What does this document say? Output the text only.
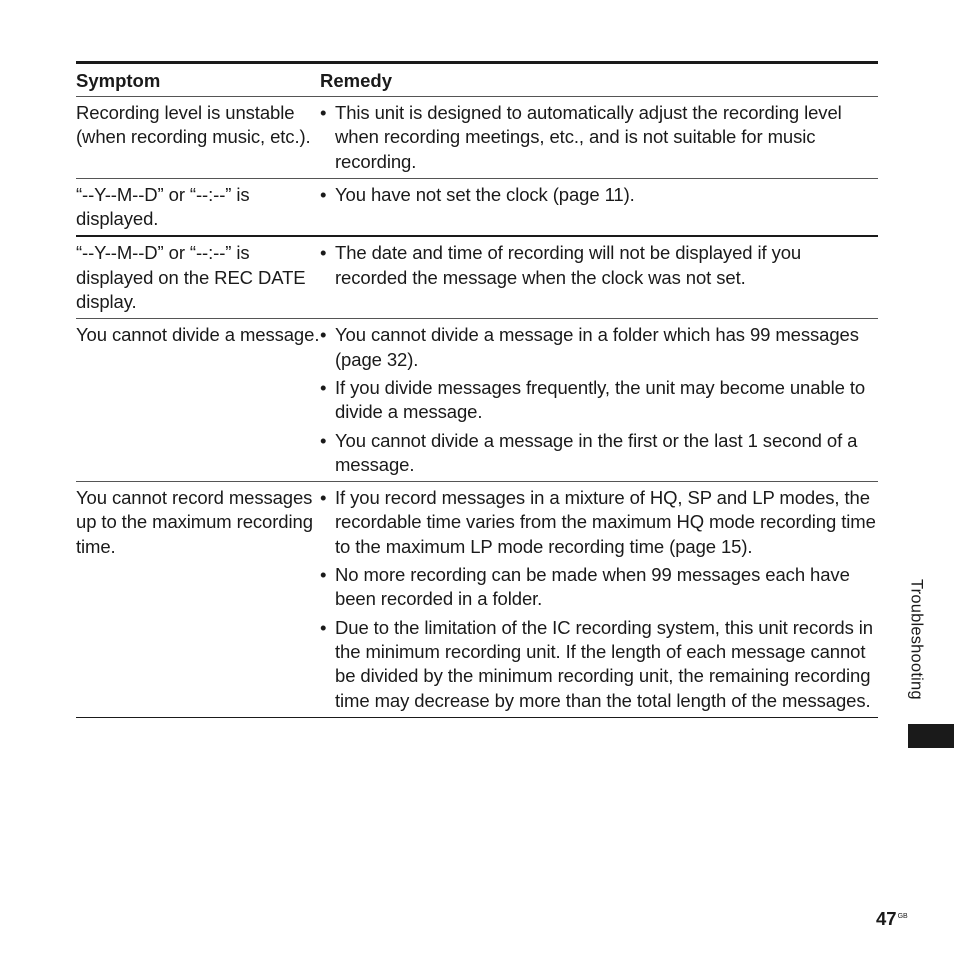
Symptom	Remedy
Recording level is unstable (when recording music, etc.).
• This unit is designed to automatically adjust the recording level when recording meetings, etc., and is not suitable for music recording.
“--Y--M--D” or “--:--” is displayed.
• You have not set the clock (page 11).
“--Y--M--D” or “--:--” is displayed on the REC DATE display.
• The date and time of recording will not be displayed if you recorded the message when the clock was not set.
You cannot divide a message. • You cannot divide a message in a folder which has 99 messages (page 32).
• If you divide messages frequently, the unit may become unable to divide a message.
• You cannot divide a message in the first or the last 1 second of a message.
You cannot record messages up to the maximum recording time.
• If you record messages in a mixture of HQ, SP and LP modes, the recordable time varies from the maximum HQ mode recording time to the maximum LP mode recording time (page 15).
• No more recording can be made when 99 messages each have been recorded in a folder.
• Due to the limitation of the IC recording system, this unit records in the minimum recording unit. If the length of each message cannot be divided by the minimum recording unit, the remaining recording time may decrease by more than the total length of the messages.
Troubleshooting
$47^{GB}$
